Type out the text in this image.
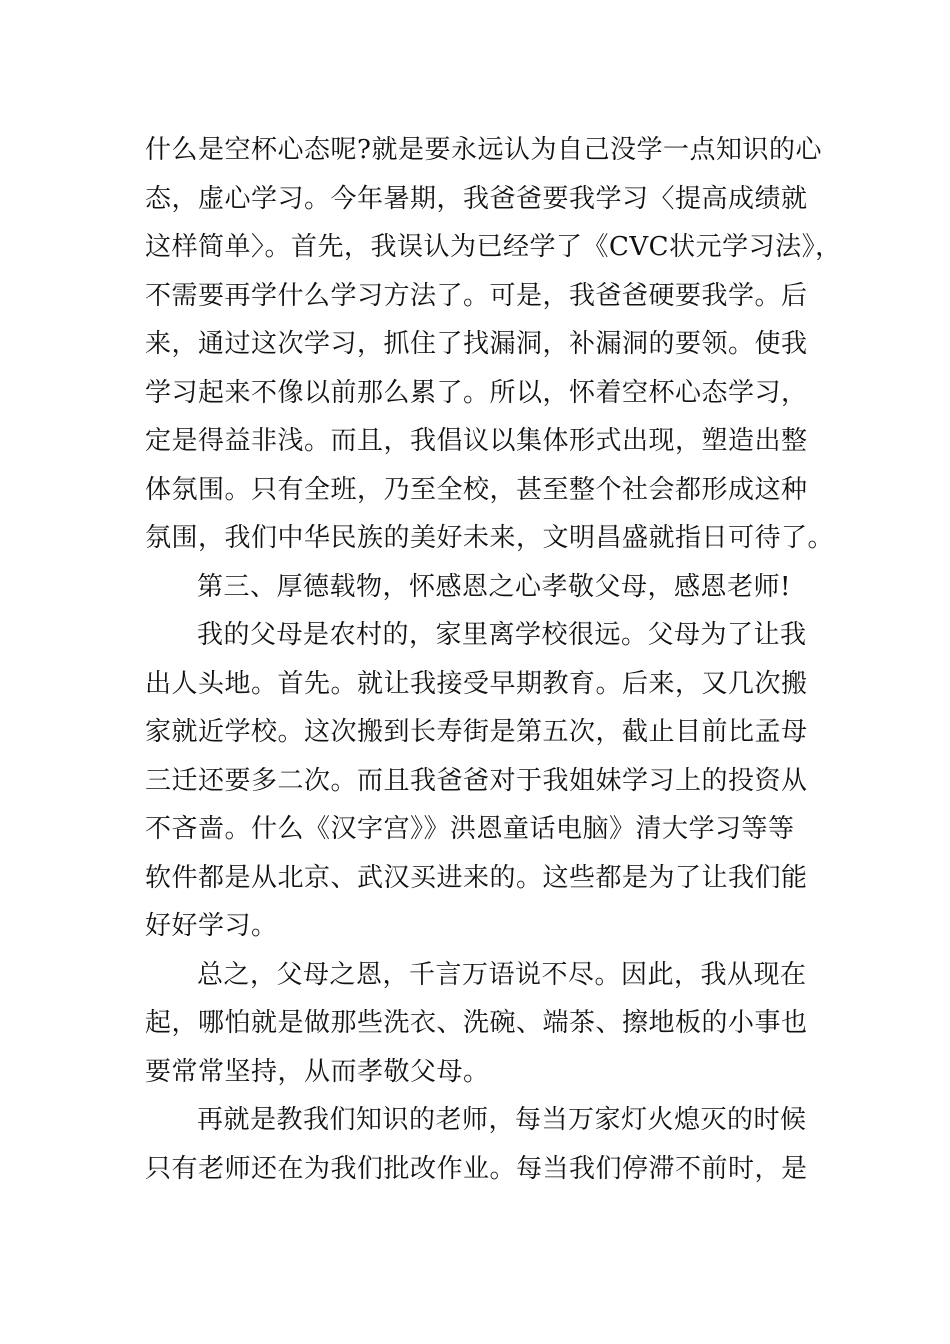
什么是空杯心态呢?就是要永远认为自己没学一点知识的心
态，虚心学习。今年暑期，我爸爸要我学习〈提高成绩就
这样简单〉。首先，我误认为已经学了《CVC状元学习法》，
不需要再学什么学习方法了。可是，我爸爸硬要我学。后
来，通过这次学习，抓住了找漏洞，补漏洞的要领。使我
学习起来不像以前那么累了。所以，怀着空杯心态学习，
定是得益非浅。而且，我倡议以集体形式出现，塑造出整
体氛围。只有全班，乃至全校，甚至整个社会都形成这种
氛围，我们中华民族的美好未来，文明昌盛就指日可待了。
第三、厚德载物，怀感恩之心孝敬父母，感恩老师!
我的父母是农村的，家里离学校很远。父母为了让我
出人头地。首先。就让我接受早期教育。后来，又几次搬
家就近学校。这次搬到长寿街是第五次，截止目前比孟母
三迁还要多二次。而且我爸爸对于我姐妹学习上的投资从
不吝啬。什么《汉字宫》》洪恩童话电脑》清大学习等等
软件都是从北京、武汉买进来的。这些都是为了让我们能
好好学习。
总之，父母之恩，千言万语说不尽。因此，我从现在
起，哪怕就是做那些洗衣、洗碗、端茶、擦地板的小事也
要常常坚持，从而孝敬父母。
再就是教我们知识的老师，每当万家灯火熄灭的时候
只有老师还在为我们批改作业。每当我们停滞不前时，是
